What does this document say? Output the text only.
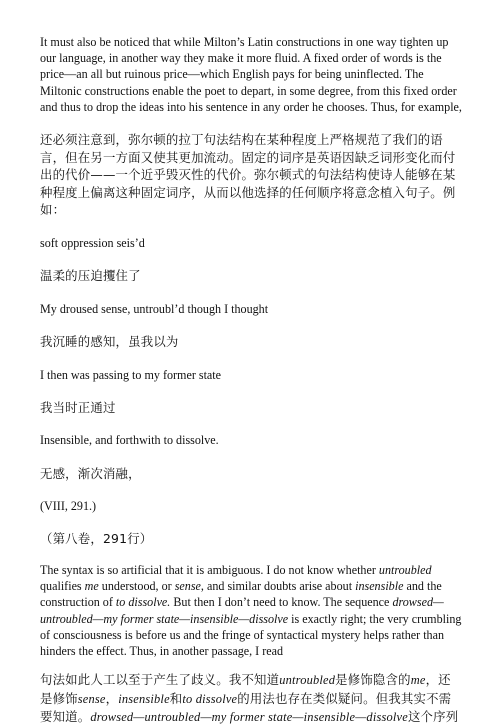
It must also be noticed that while Milton’s Latin constructions in one way tighten up our language, in another way they make it more fluid. A fixed order of words is the price—an all but ruinous price—which English pays for being uninflected. The Miltonic constructions enable the poet to depart, in some degree, from this fixed order and thus to drop the ideas into his sentence in any order he chooses. Thus, for example,

还必须注意到，弥尔顿的拉丁句法结构在某种程度上严格规范了我们的语言，但在另一方面又使其更加流动。固定的词序是英语因缺乏词形变化而付出的代价——一个近乎毁灭性的代价。弥尔顿式的句法结构使诗人能够在某种程度上偏离这种固定词序，从而以他选择的任何顺序将意念植入句子。例如：

soft oppression seis’d

温柔的压迫攫住了

My droused sense, untroubl’d though I thought

我沉睡的感知，虽我以为

I then was passing to my former state

我当时正通过

Insensible, and forthwith to dissolve.

无感，渐次消融，

(VIII, 291.)

（第八卷，291行）

The syntax is so artificial that it is ambiguous. I do not know whether untroubled qualifies me understood, or sense, and similar doubts arise about insensible and the construction of to dissolve. But then I don’t need to know. The sequence drowsed—untroubled—my former state—insensible—dissolve is exactly right; the very crumbling of consciousness is before us and the fringe of syntactical mystery helps rather than hinders the effect. Thus, in another passage, I read

句法如此人工以至于产生了歧义。我不知道untroubled是修饰隐含的me，还是修饰sense，insensible和to dissolve的用法也存在类似疑问。但我其实不需要知道。drowsed—untroubled—my former state—insensible—dissolve这个序列
